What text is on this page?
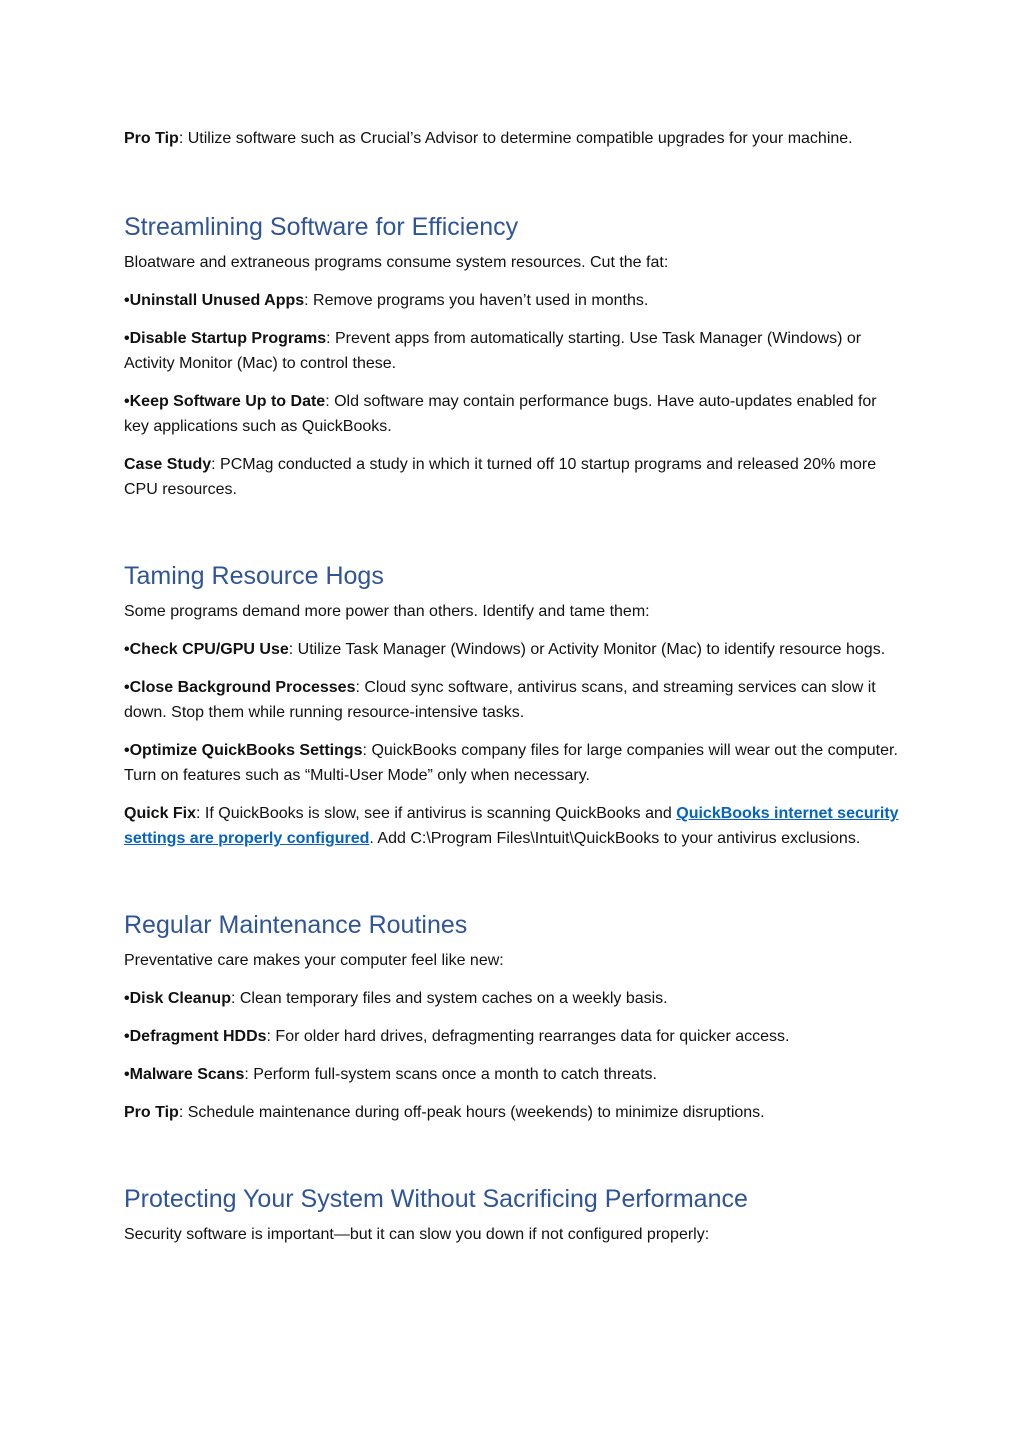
Pro Tip: Utilize software such as Crucial’s Advisor to determine compatible upgrades for your machine.

Streamlining Software for Efficiency

Bloatware and extraneous programs consume system resources. Cut the fat:

•Uninstall Unused Apps: Remove programs you haven’t used in months.

•Disable Startup Programs: Prevent apps from automatically starting. Use Task Manager (Windows) or Activity Monitor (Mac) to control these.

•Keep Software Up to Date: Old software may contain performance bugs. Have auto-updates enabled for key applications such as QuickBooks.

Case Study: PCMag conducted a study in which it turned off 10 startup programs and released 20% more CPU resources.

Taming Resource Hogs

Some programs demand more power than others. Identify and tame them:

•Check CPU/GPU Use: Utilize Task Manager (Windows) or Activity Monitor (Mac) to identify resource hogs.

•Close Background Processes: Cloud sync software, antivirus scans, and streaming services can slow it down. Stop them while running resource-intensive tasks.

•Optimize QuickBooks Settings: QuickBooks company files for large companies will wear out the computer. Turn on features such as “Multi-User Mode” only when necessary.

Quick Fix: If QuickBooks is slow, see if antivirus is scanning QuickBooks and QuickBooks internet security settings are properly configured. Add C:\Program Files\Intuit\QuickBooks to your antivirus exclusions.

Regular Maintenance Routines

Preventative care makes your computer feel like new:

•Disk Cleanup: Clean temporary files and system caches on a weekly basis.

•Defragment HDDs: For older hard drives, defragmenting rearranges data for quicker access.

•Malware Scans: Perform full-system scans once a month to catch threats.

Pro Tip: Schedule maintenance during off-peak hours (weekends) to minimize disruptions.

Protecting Your System Without Sacrificing Performance

Security software is important—but it can slow you down if not configured properly:
